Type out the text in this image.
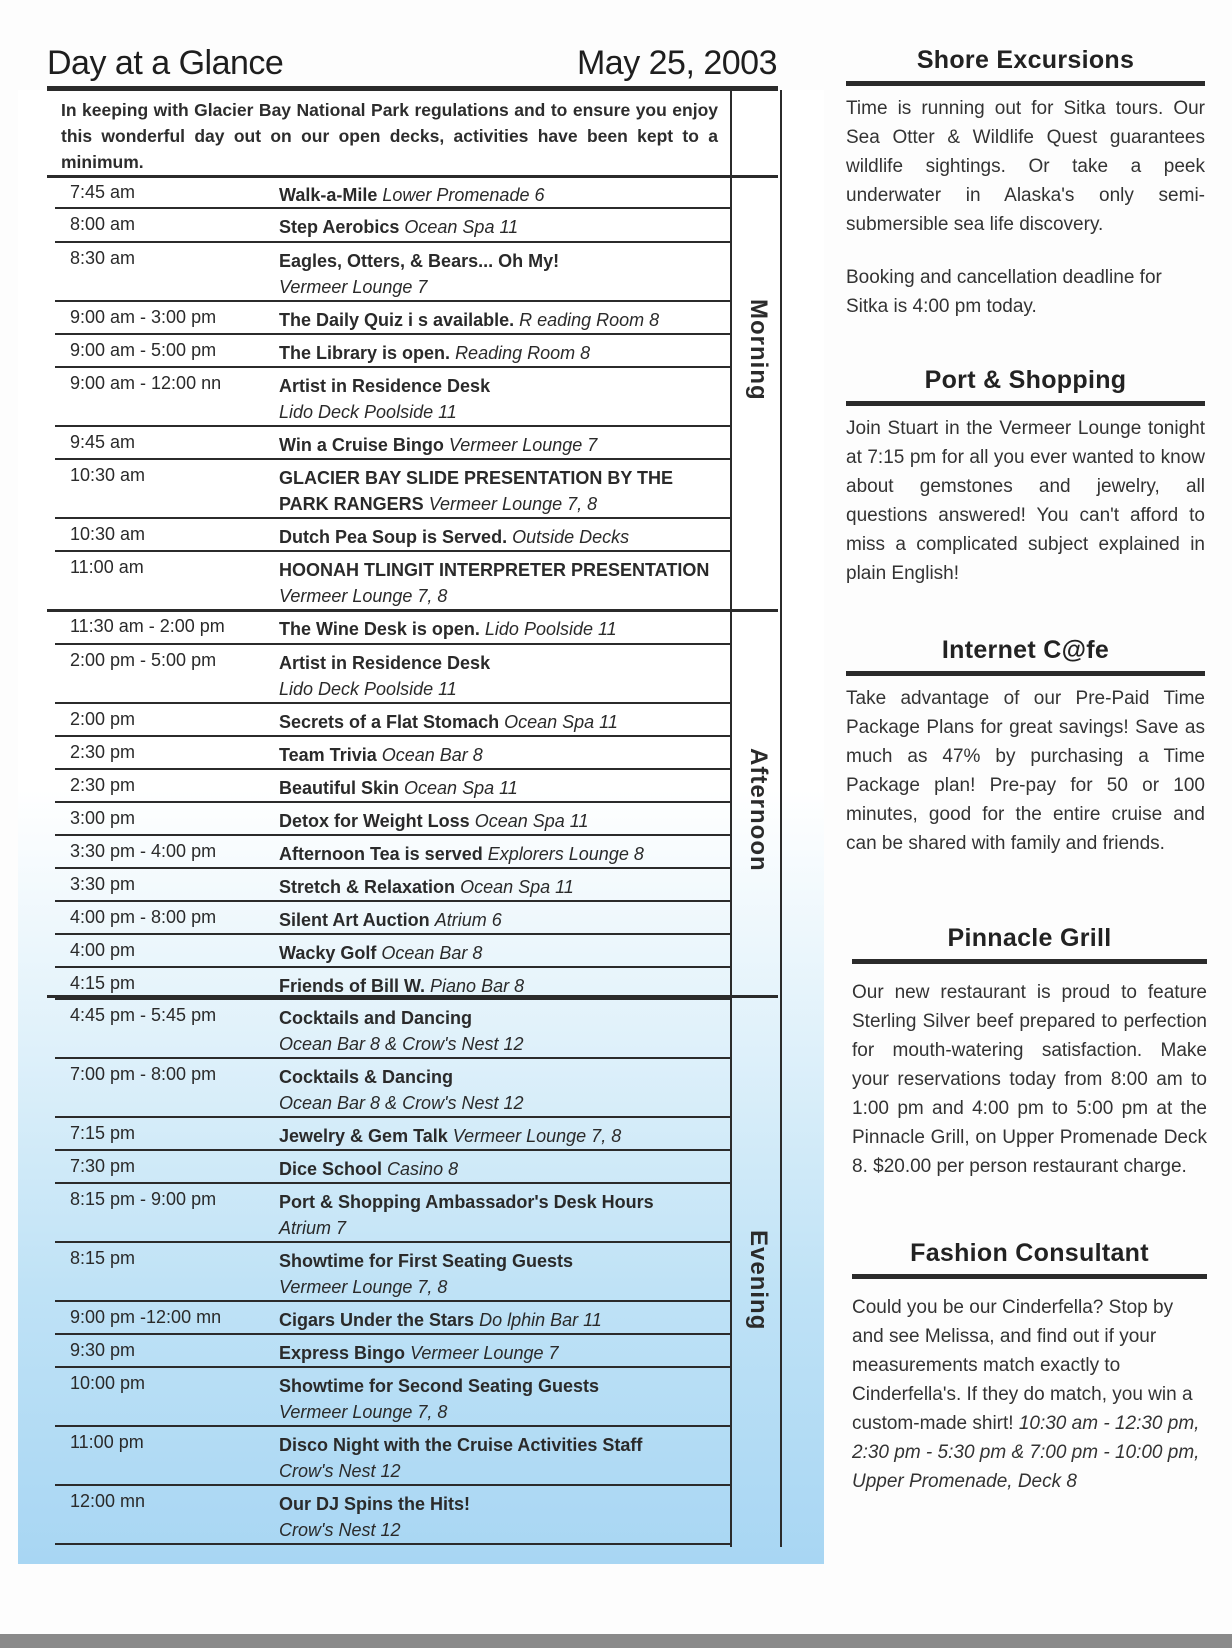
Day at a Glance	May 25, 2003
In keeping with Glacier Bay National Park regulations and to ensure you enjoy this wonderful day out on our open decks, activities have been kept to a minimum.
Morning
Afternoon
Evening
7:45 am	Walk-a-Mile Lower Promenade 6
8:00 am	Step Aerobics Ocean Spa 11
8:30 am	Eagles, Otters, & Bears... Oh My!
Vermeer Lounge 7
9:00 am - 3:00 pm	The Daily Quiz i s available. R eading Room 8
9:00 am - 5:00 pm	The Library is open. Reading Room 8
9:00 am - 12:00 nn	Artist in Residence Desk
Lido Deck Poolside 11
9:45 am	Win a Cruise Bingo Vermeer Lounge 7
10:30 am	GLACIER BAY SLIDE PRESENTATION BY THE PARK RANGERS Vermeer Lounge 7, 8
10:30 am	Dutch Pea Soup is Served. Outside Decks
11:00 am	HOONAH TLINGIT INTERPRETER PRESENTATION Vermeer Lounge 7, 8
11:30 am - 2:00 pm	The Wine Desk is open. Lido Poolside 11
2:00 pm - 5:00 pm	Artist in Residence Desk
Lido Deck Poolside 11
2:00 pm	Secrets of a Flat Stomach Ocean Spa 11
2:30 pm	Team Trivia Ocean Bar 8
2:30 pm	Beautiful Skin Ocean Spa 11
3:00 pm	Detox for Weight Loss Ocean Spa 11
3:30 pm - 4:00 pm	Afternoon Tea is served Explorers Lounge 8
3:30 pm	Stretch & Relaxation Ocean Spa 11
4:00 pm - 8:00 pm	Silent Art Auction Atrium 6
4:00 pm	Wacky Golf Ocean Bar 8
4:15 pm	Friends of Bill W. Piano Bar 8
4:45 pm - 5:45 pm	Cocktails and Dancing
Ocean Bar 8 & Crow's Nest 12
7:00 pm - 8:00 pm	Cocktails & Dancing
Ocean Bar 8 & Crow's Nest 12
7:15 pm	Jewelry & Gem Talk Vermeer Lounge 7, 8
7:30 pm	Dice School Casino 8
8:15 pm - 9:00 pm	Port & Shopping Ambassador's Desk Hours
Atrium 7
8:15 pm	Showtime for First Seating Guests
Vermeer Lounge 7, 8
9:00 pm -12:00 mn	Cigars Under the Stars Do lphin Bar 11
9:30 pm	Express Bingo Vermeer Lounge 7
10:00 pm	Showtime for Second Seating Guests
Vermeer Lounge 7, 8
11:00 pm	Disco Night with the Cruise Activities Staff
Crow's Nest 12
12:00 mn	Our DJ Spins the Hits!
Crow's Nest 12
Shore Excursions

Time is running out for Sitka tours. Our Sea Otter & Wildlife Quest guarantees wildlife sightings. Or take a peek underwater in Alaska's only semi-submersible sea life discovery.

Booking and cancellation deadline for Sitka is 4:00 pm today.

Port & Shopping

Join Stuart in the Vermeer Lounge tonight at 7:15 pm for all you ever wanted to know about gemstones and jewelry, all questions answered! You can't afford to miss a complicated subject explained in plain English!

Internet C@fe

Take advantage of our Pre-Paid Time Package Plans for great savings! Save as much as 47% by purchasing a Time Package plan! Pre-pay for 50 or 100 minutes, good for the entire cruise and can be shared with family and friends.

Pinnacle Grill

Our new restaurant is proud to feature Sterling Silver beef prepared to perfection for mouth-watering satisfaction. Make your reservations today from 8:00 am to 1:00 pm and 4:00 pm to 5:00 pm at the Pinnacle Grill, on Upper Promenade Deck 8. $20.00 per person restaurant charge.

Fashion Consultant

Could you be our Cinderfella? Stop by and see Melissa, and find out if your measurements match exactly to Cinderfella's. If they do match, you win a custom-made shirt! 10:30 am - 12:30 pm, 2:30 pm - 5:30 pm & 7:00 pm - 10:00 pm, Upper Promenade, Deck 8
